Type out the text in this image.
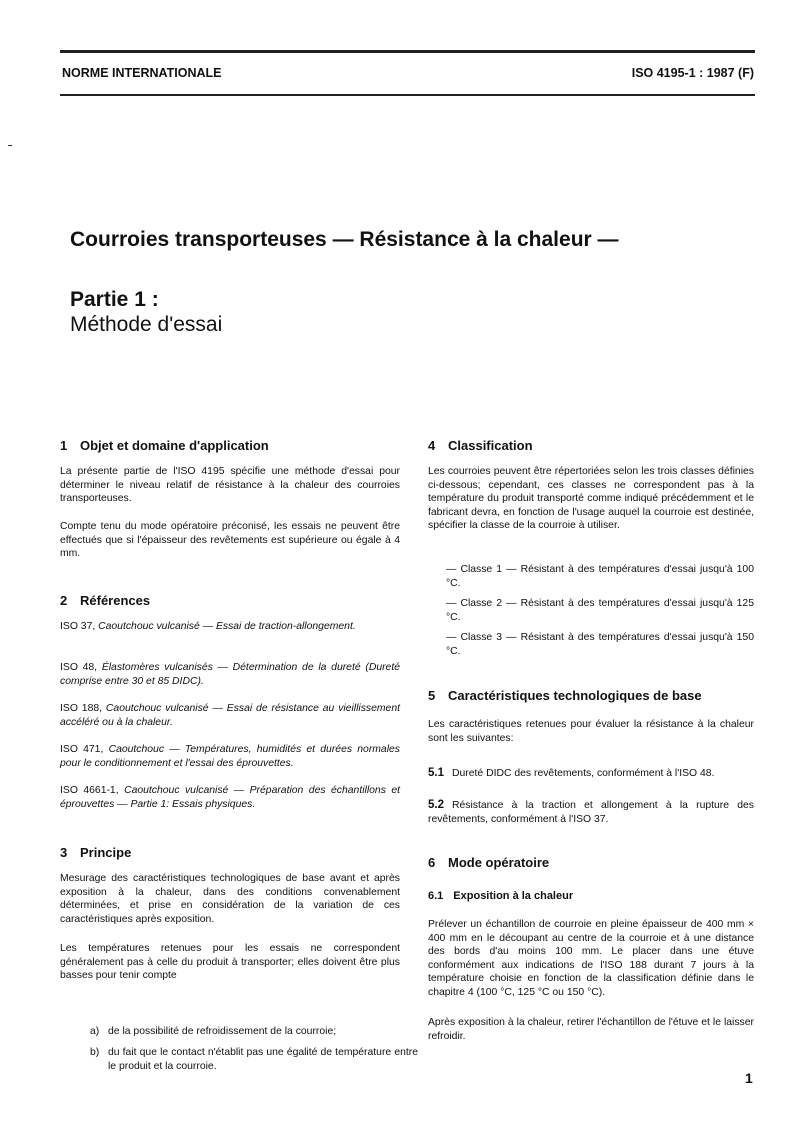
NORME INTERNATIONALE	ISO 4195-1 : 1987 (F)
Courroies transporteuses — Résistance à la chaleur —
Partie 1 :
Méthode d'essai
1 Objet et domaine d'application
La présente partie de l'ISO 4195 spécifie une méthode d'essai pour déterminer le niveau relatif de résistance à la chaleur des courroies transporteuses.
Compte tenu du mode opératoire préconisé, les essais ne peuvent être effectués que si l'épaisseur des revêtements est supérieure ou égale à 4 mm.
2 Références
ISO 37, Caoutchouc vulcanisé — Essai de traction-allongement.
ISO 48, Élastomères vulcanisés — Détermination de la dureté (Dureté comprise entre 30 et 85 DIDC).
ISO 188, Caoutchouc vulcanisé — Essai de résistance au vieillissement accéléré ou à la chaleur.
ISO 471, Caoutchouc — Températures, humidités et durées normales pour le conditionnement et l'essai des éprouvettes.
ISO 4661-1, Caoutchouc vulcanisé — Préparation des échantillons et éprouvettes — Partie 1: Essais physiques.
3 Principe
Mesurage des caractéristiques technologiques de base avant et après exposition à la chaleur, dans des conditions convenablement déterminées, et prise en considération de la variation de ces caractéristiques après exposition.
Les températures retenues pour les essais ne correspondent généralement pas à celle du produit à transporter; elles doivent être plus basses pour tenir compte
a) de la possibilité de refroidissement de la courroie;
b) du fait que le contact n'établit pas une égalité de température entre le produit et la courroie.
4 Classification
Les courroies peuvent être répertoriées selon les trois classes définies ci-dessous; cependant, ces classes ne correspondent pas à la température du produit transporté comme indiqué précédemment et le fabricant devra, en fonction de l'usage auquel la courroie est destinée, spécifier la classe de la courroie à utiliser.
— Classe 1 — Résistant à des températures d'essai jusqu'à 100 °C.
— Classe 2 — Résistant à des températures d'essai jusqu'à 125 °C.
— Classe 3 — Résistant à des températures d'essai jusqu'à 150 °C.
5 Caractéristiques technologiques de base
Les caractéristiques retenues pour évaluer la résistance à la chaleur sont les suivantes:
5.1 Dureté DIDC des revêtements, conformément à l'ISO 48.
5.2 Résistance à la traction et allongement à la rupture des revêtements, conformément à l'ISO 37.
6 Mode opératoire
6.1 Exposition à la chaleur
Prélever un échantillon de courroie en pleine épaisseur de 400 mm × 400 mm en le découpant au centre de la courroie et à une distance des bords d'au moins 100 mm. Le placer dans une étuve conformément aux indications de l'ISO 188 durant 7 jours à la température choisie en fonction de la classification définie dans le chapitre 4 (100 °C, 125 °C ou 150 °C).
Après exposition à la chaleur, retirer l'échantillon de l'étuve et le laisser refroidir.
1
